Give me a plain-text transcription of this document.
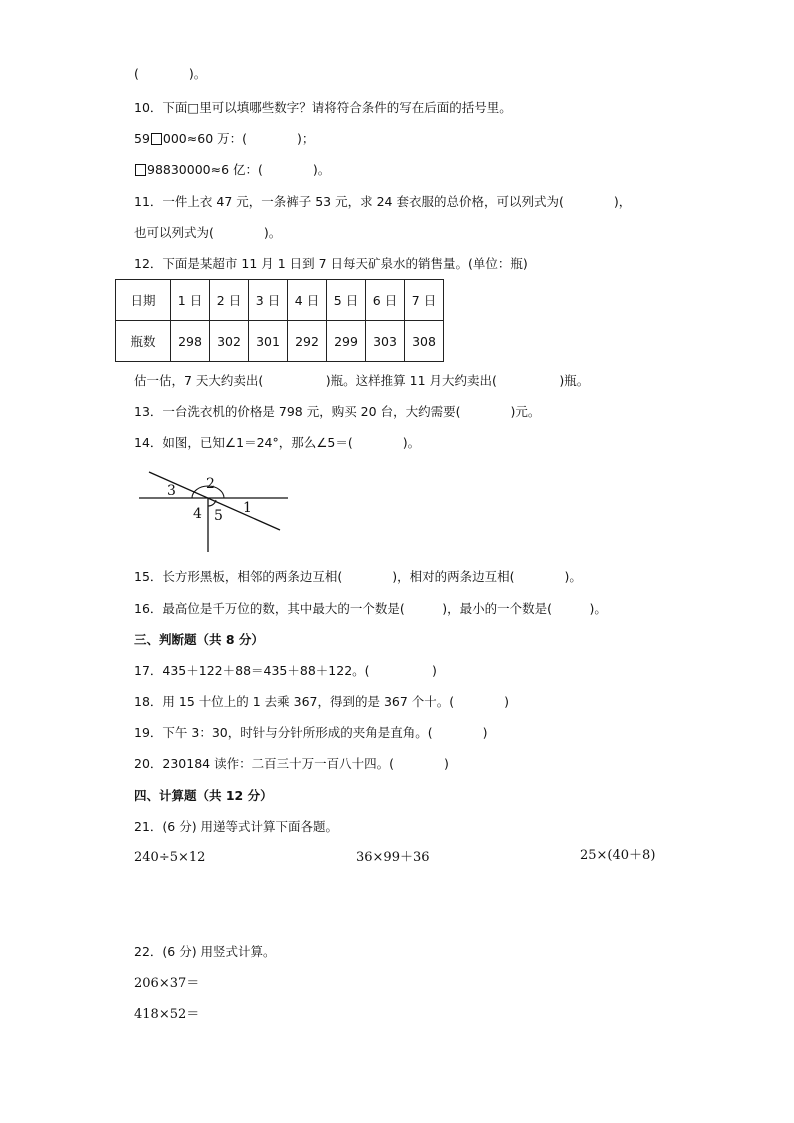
(　　　　)。
10．下面□里可以填哪些数字？请将符合条件的写在后面的括号里。
59 000≈60 万：(　　　　)；
98830000≈6 亿：(　　　　)。
11．一件上衣 47 元，一条裤子 53 元，求 24 套衣服的总价格，可以列式为(　　　　)，
也可以列式为(　　　　)。
12．下面是某超市 11 月 1 日到 7 日每天矿泉水的销售量。(单位：瓶)
日期	1 日	2 日	3 日	4 日	5 日	6 日	7 日
瓶数	298	302	301	292	299	303	308
估一估，7 天大约卖出(　　　　　)瓶。这样推算 11 月大约卖出(　　　　　)瓶。
13．一台洗衣机的价格是 798 元，购买 20 台，大约需要(　　　　)元。
14．如图，已知∠1＝24°，那么∠5＝(　　　　)。
2
3
4 5 1
15．长方形黑板，相邻的两条边互相(　　　　)，相对的两条边互相(　　　　)。
16．最高位是千万位的数，其中最大的一个数是(　　　)，最小的一个数是(　　　)。
三、判断题（共 8 分）
17．435＋122＋88＝435＋88＋122。(　　　　　)
18．用 15 十位上的 1 去乘 367，得到的是 367 个十。(　　　　)
19．下午 3：30，时针与分针所形成的夹角是直角。(　　　　)
20．230184 读作：二百三十万一百八十四。(　　　　)
四、计算题（共 12 分）
21．(6 分) 用递等式计算下面各题。
240÷5×12	36×99＋36	25×(40＋8)
22．(6 分) 用竖式计算。
206×37＝
418×52＝
